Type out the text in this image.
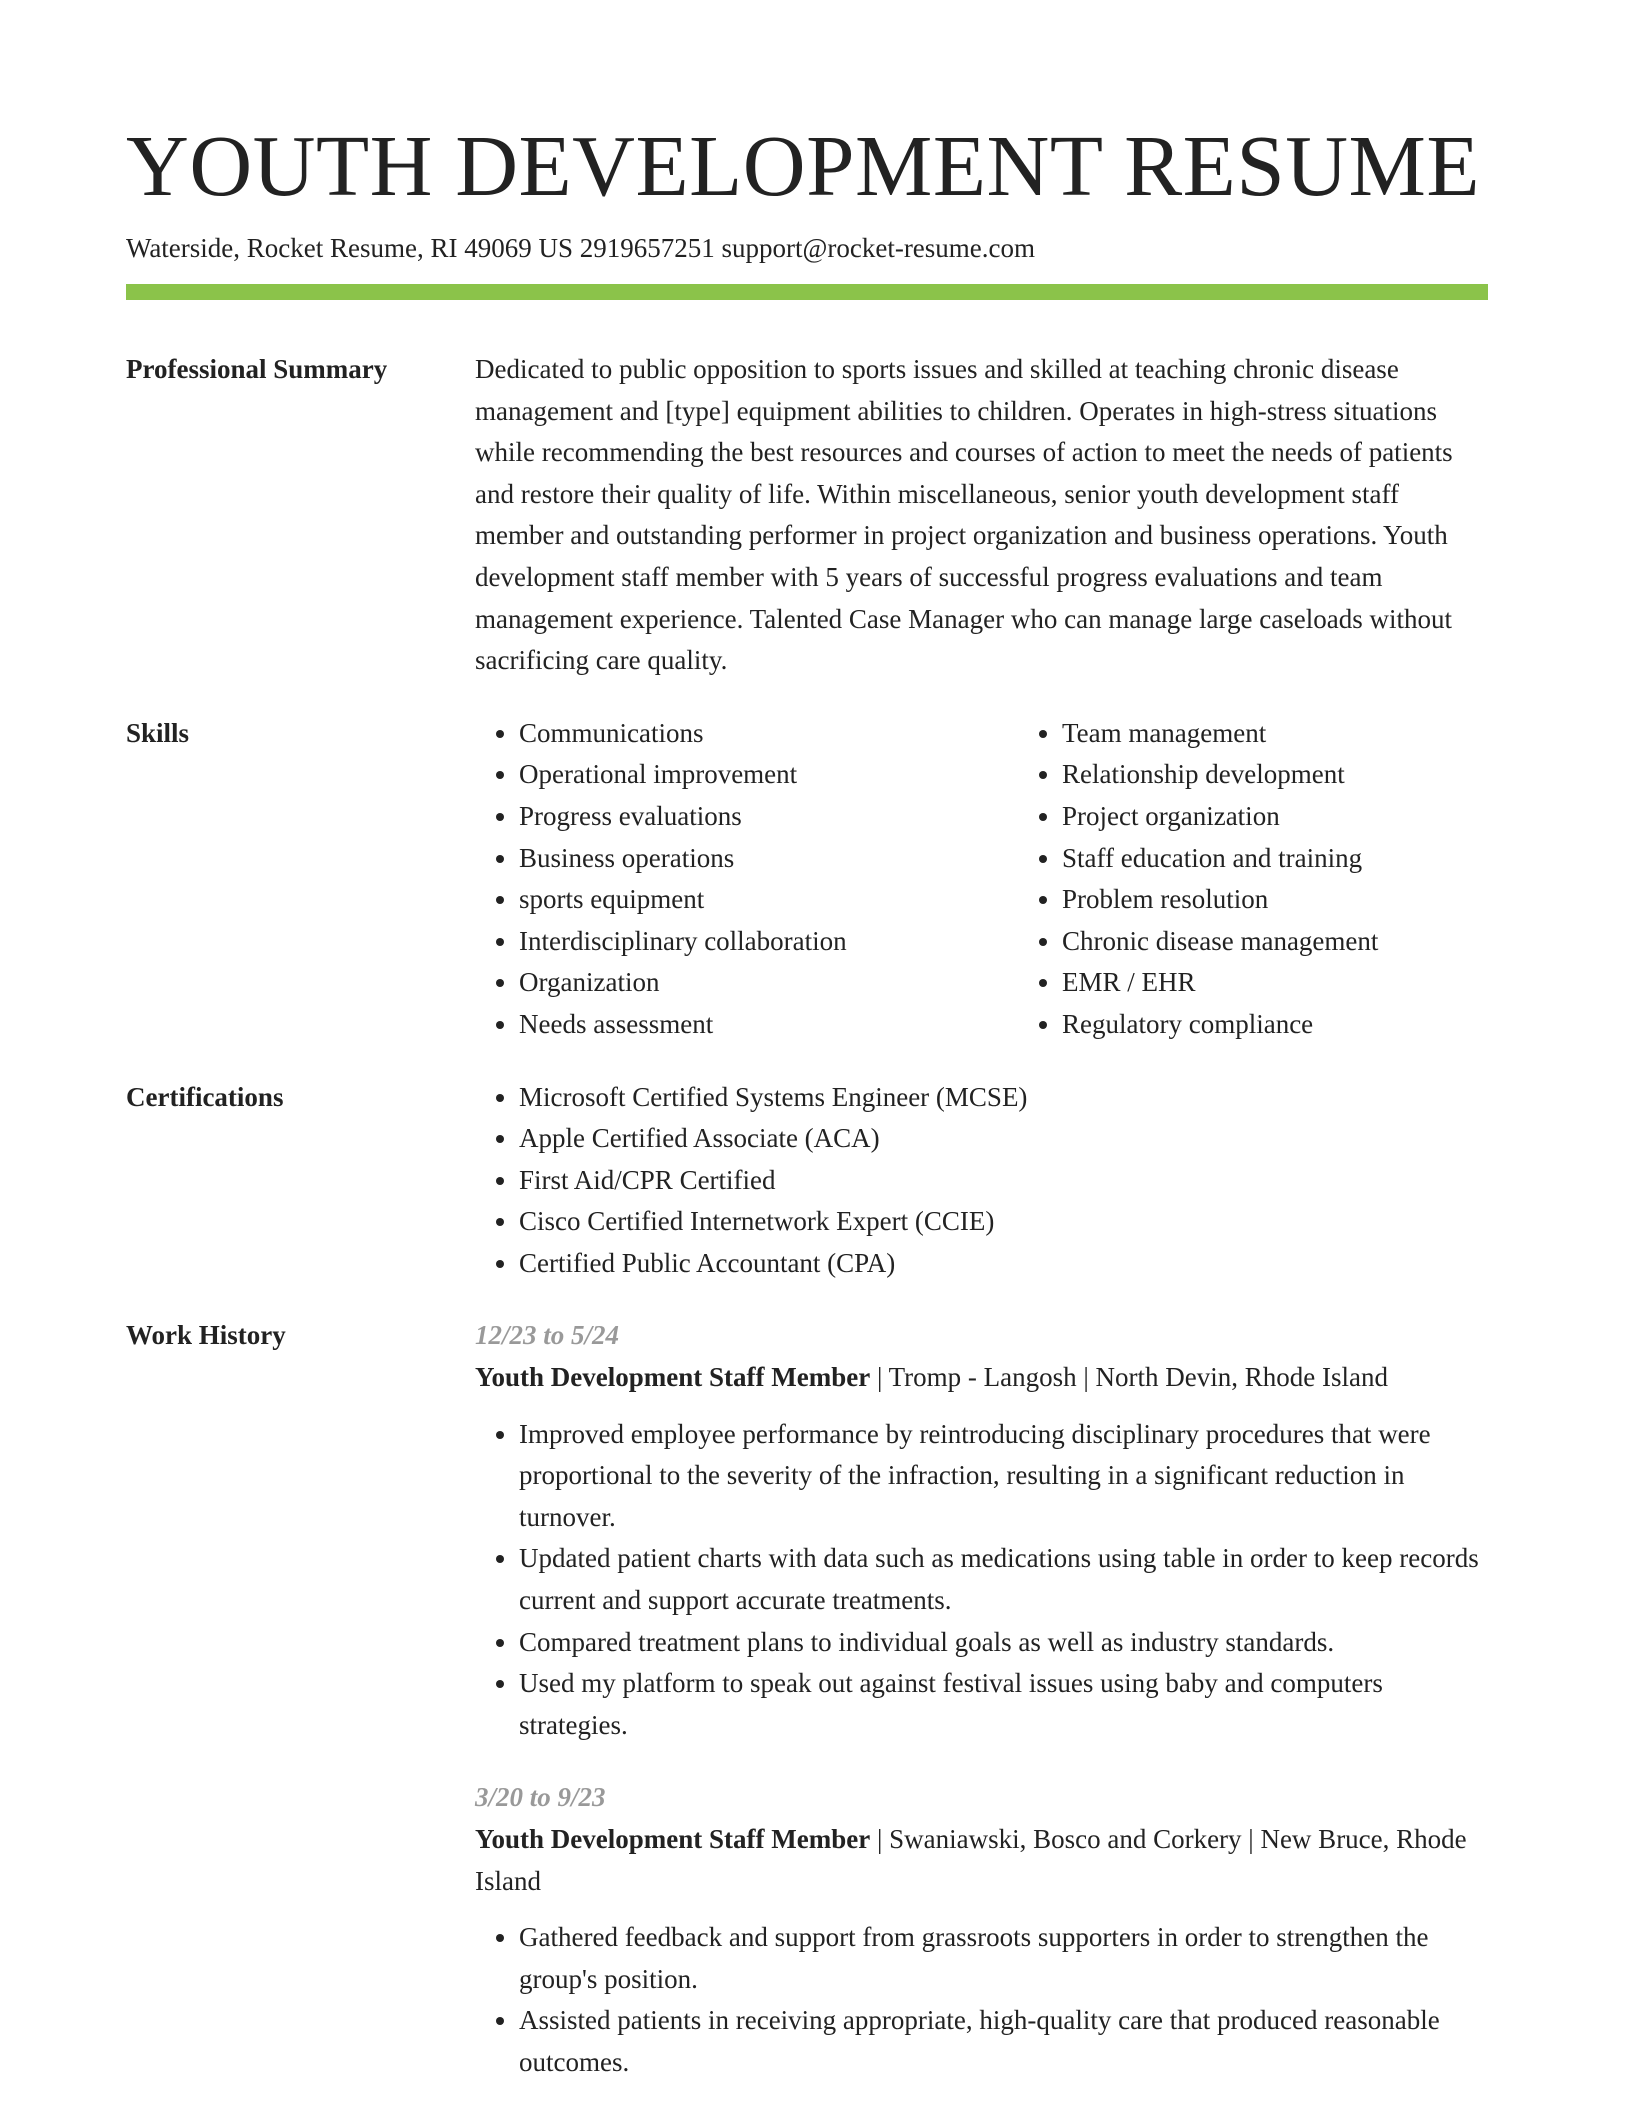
YOUTH DEVELOPMENT RESUME
Waterside, Rocket Resume, RI 49069 US 2919657251 support@rocket-resume.com
Professional Summary	Dedicated to public opposition to sports issues and skilled at teaching chronic disease management and [type] equipment abilities to children. Operates in high-stress situations while recommending the best resources and courses of action to meet the needs of patients and restore their quality of life. Within miscellaneous, senior youth development staff member and outstanding performer in project organization and business operations. Youth development staff member with 5 years of successful progress evaluations and team management experience. Talented Case Manager who can manage large caseloads without sacrificing care quality.

Skills	• Communications
• Operational improvement
• Progress evaluations
• Business operations
• sports equipment
• Interdisciplinary collaboration
• Organization
• Needs assessment
• Team management
• Relationship development
• Project organization
• Staff education and training
• Problem resolution
• Chronic disease management
• EMR / EHR
• Regulatory compliance
Certifications	• Microsoft Certified Systems Engineer (MCSE)
• Apple Certified Associate (ACA)
• First Aid/CPR Certified
• Cisco Certified Internetwork Expert (CCIE)
• Certified Public Accountant (CPA)
Work History	12/23 to 5/24
Youth Development Staff Member | Tromp - Langosh | North Devin, Rhode Island
• Improved employee performance by reintroducing disciplinary procedures that were proportional to the severity of the infraction, resulting in a significant reduction in turnover.
• Updated patient charts with data such as medications using table in order to keep records current and support accurate treatments.
• Compared treatment plans to individual goals as well as industry standards.
• Used my platform to speak out against festival issues using baby and computers strategies.
3/20 to 9/23
Youth Development Staff Member | Swaniawski, Bosco and Corkery | New Bruce, Rhode Island
• Gathered feedback and support from grassroots supporters in order to strengthen the group's position.
• Assisted patients in receiving appropriate, high-quality care that produced reasonable outcomes.
